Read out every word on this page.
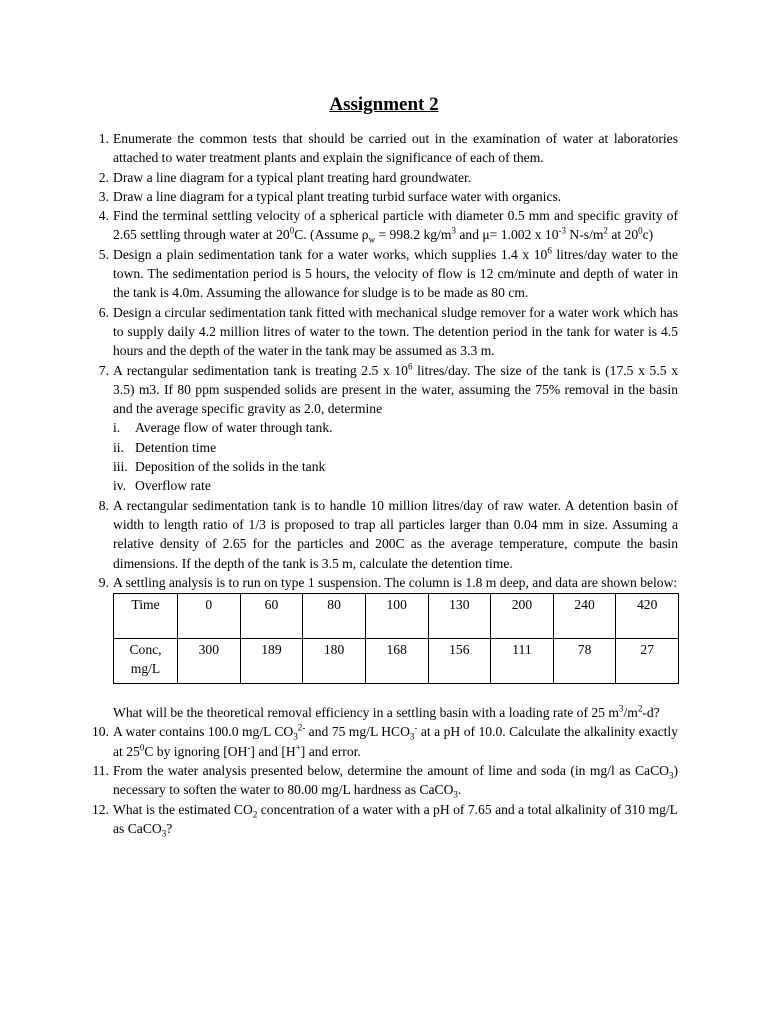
Assignment 2
1. Enumerate the common tests that should be carried out in the examination of water at laboratories attached to water treatment plants and explain the significance of each of them.
2. Draw a line diagram for a typical plant treating hard groundwater.
3. Draw a line diagram for a typical plant treating turbid surface water with organics.
4. Find the terminal settling velocity of a spherical particle with diameter 0.5 mm and specific gravity of 2.65 settling through water at $20^0C$. (Assume $\rho_w = 998.2$ $kg/m^3$ and μ= 1.002 x $10^{-3}$ $N-s/m^2$ at $20^0c$)
5. Design a plain sedimentation tank for a water works, which supplies 1.4 x $10^6$ litres/day water to the town. The sedimentation period is 5 hours, the velocity of flow is 12 cm/minute and depth of water in the tank is 4.0m. Assuming the allowance for sludge is to be made as 80 cm.
6. Design a circular sedimentation tank fitted with mechanical sludge remover for a water work which has to supply daily 4.2 million litres of water to the town. The detention period in the tank for water is 4.5 hours and the depth of the water in the tank may be assumed as 3.3 m.
7. A rectangular sedimentation tank is treating 2.5 x $10^6$ litres/day. The size of the tank is (17.5 x 5.5 x 3.5) m3. If 80 ppm suspended solids are present in the water, assuming the 75% removal in the basin and the average specific gravity as 2.0, determine
i. Average flow of water through tank.
ii. Detention time
iii. Deposition of the solids in the tank
iv. Overflow rate
8. A rectangular sedimentation tank is to handle 10 million litres/day of raw water. A detention basin of width to length ratio of 1/3 is proposed to trap all particles larger than 0.04 mm in size. Assuming a relative density of 2.65 for the particles and 200C as the average temperature, compute the basin dimensions. If the depth of the tank is 3.5 m, calculate the detention time.
9. A settling analysis is to run on type 1 suspension. The column is 1.8 m deep, and data are shown below:
Time	0	60	80	100	130	200	240	420
Conc, mg/L	300	189	180	168	156	111	78	27
What will be the theoretical removal efficiency in a settling basin with a loading rate of 25 $m^3/m^2-d$?
10. A water contains 100.0 mg/L $CO_3^{2-}$ and 75 mg/L $HCO_3^-$ at a pH of 10.0. Calculate the alkalinity exactly at $25^0C$ by ignoring [OH-] and [H+] and error.
11. From the water analysis presented below, determine the amount of lime and soda (in mg/l as CaCO$_3$) necessary to soften the water to 80.00 mg/L hardness as CaCO$_3$.
12. What is the estimated $CO_2$ concentration of a water with a pH of 7.65 and a total alkalinity of 310 mg/L as CaCO$_3$?
